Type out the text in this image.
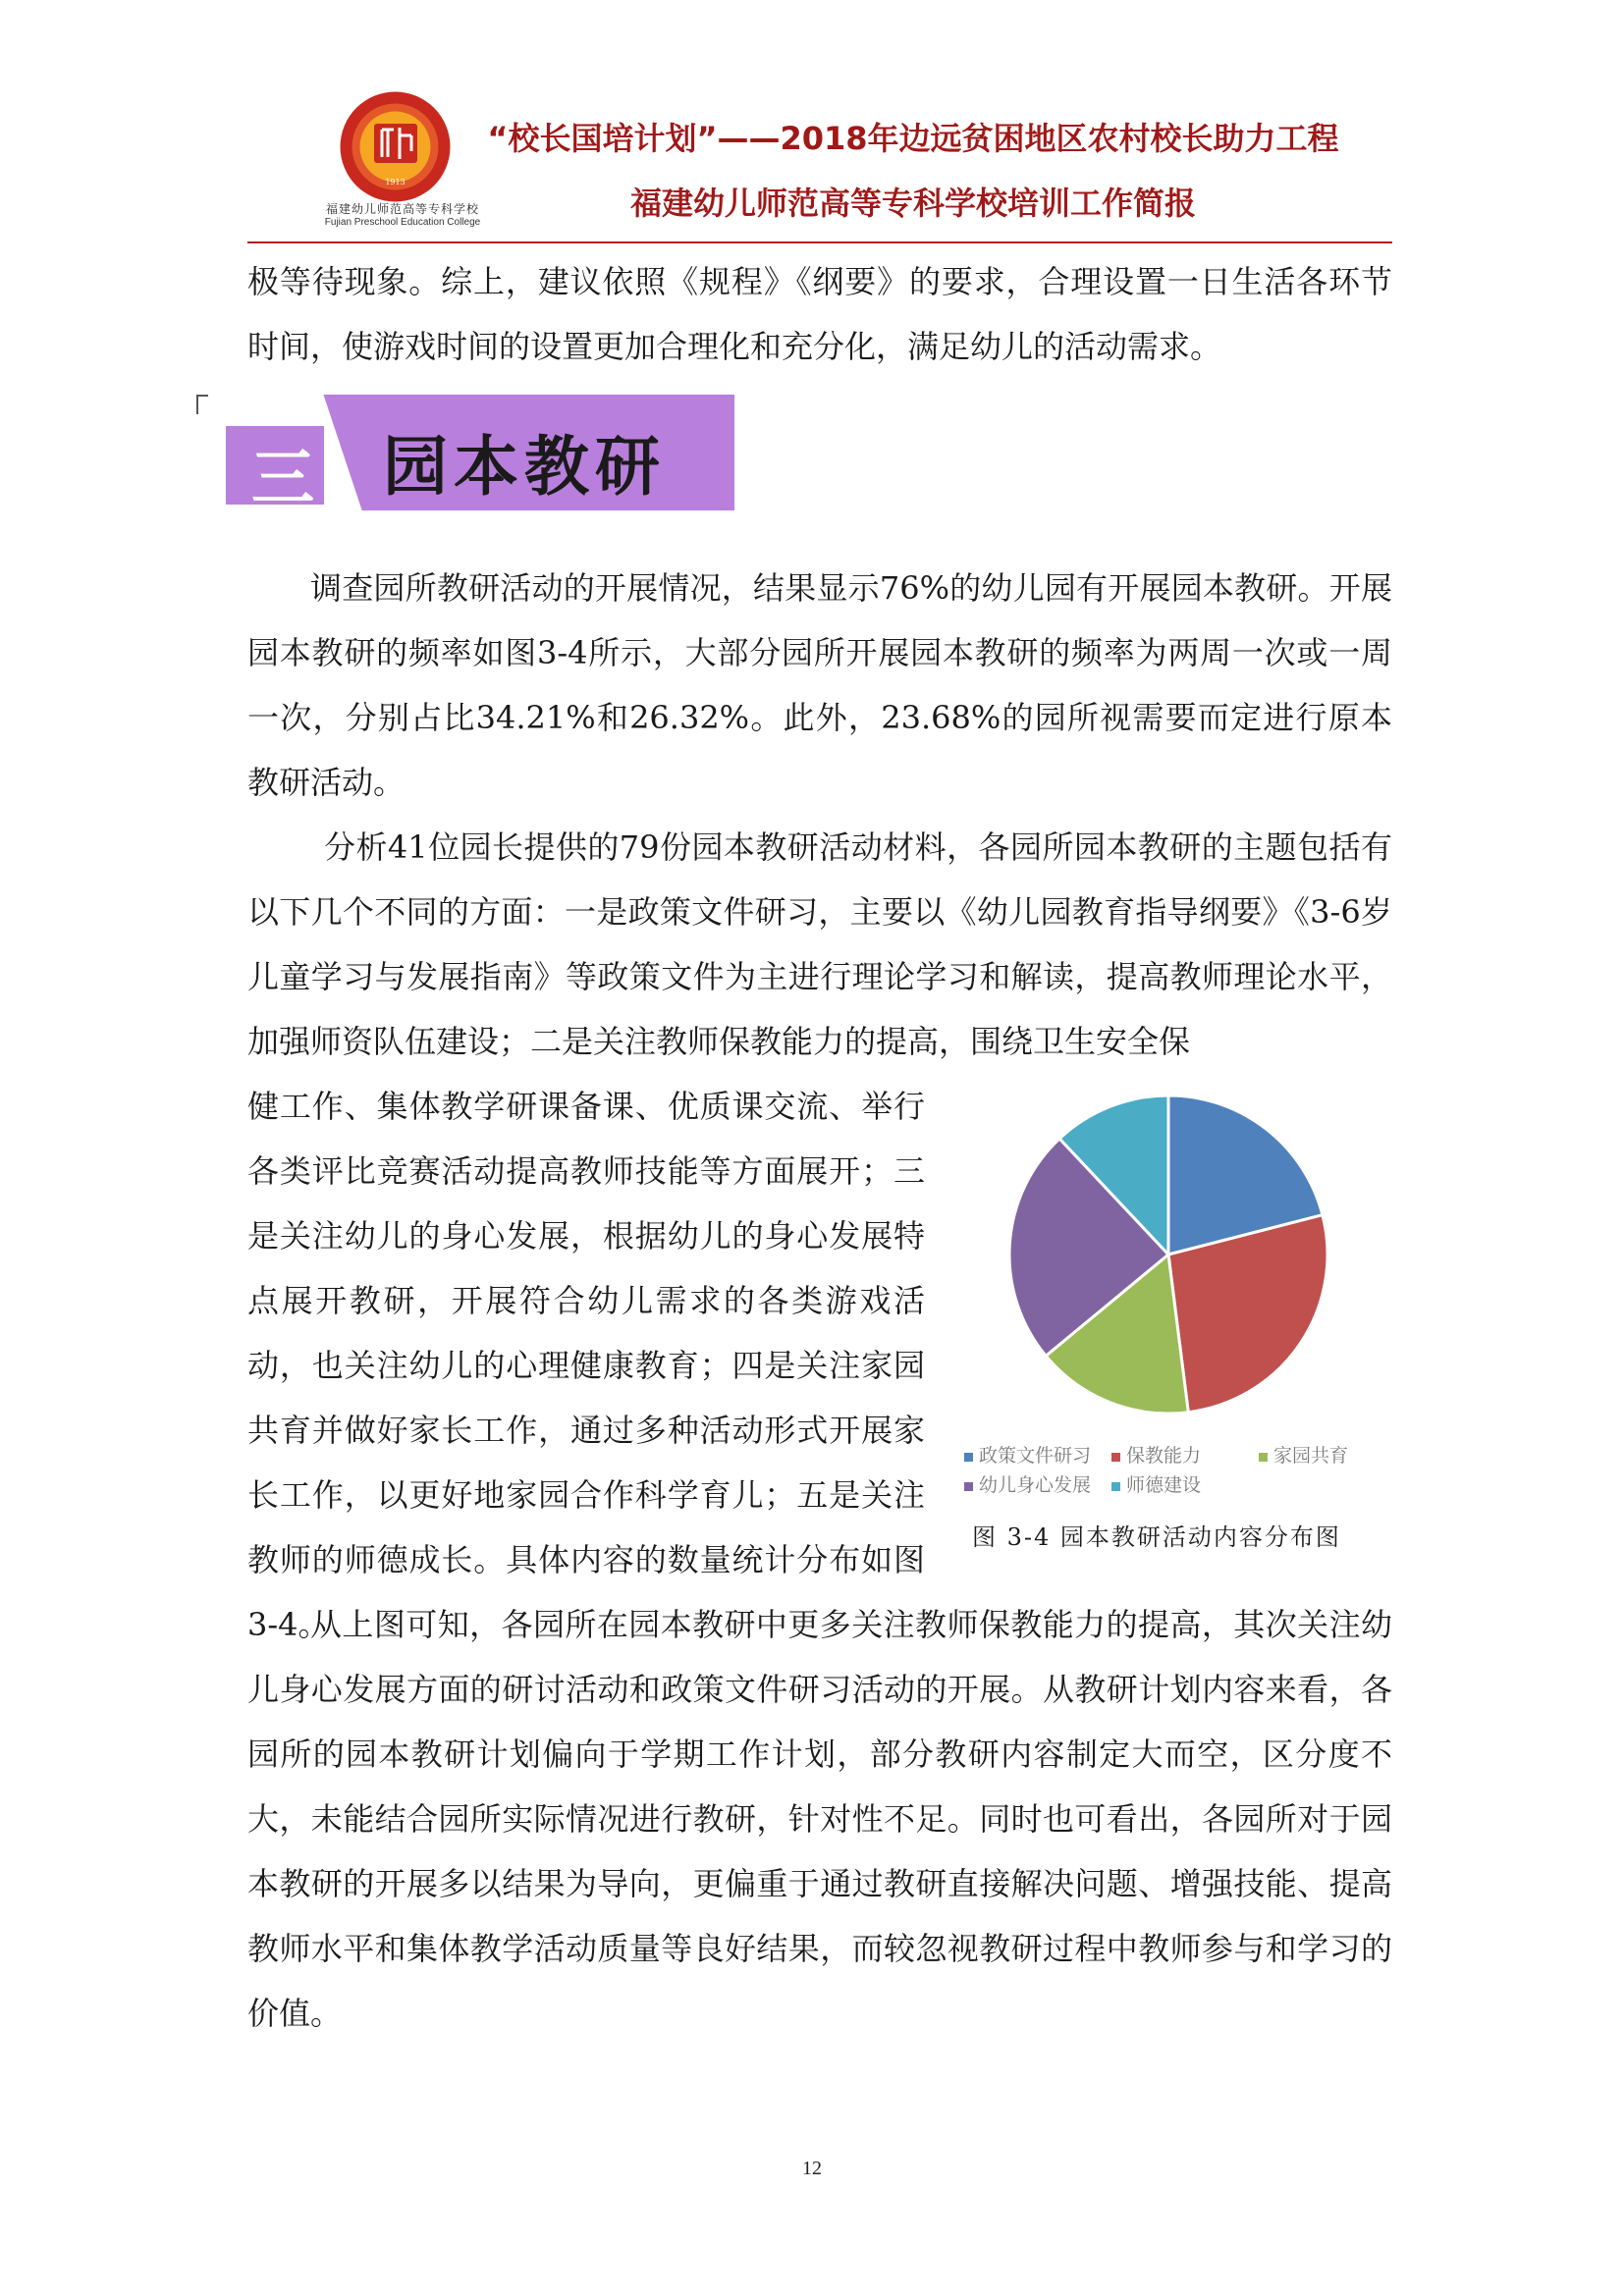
1913
福建幼儿师范高等专科学校
Fujian Preschool Education College
“校长国培计划”——2018年边远贫困地区农村校长助力工程
福建幼儿师范高等专科学校培训工作简报
极等待现象。综上，建议依照《规程》《纲要》的要求，合理设置一日生活各环节时间，使游戏时间的设置更加合理化和充分化，满足幼儿的活动需求。
三 园本教研
调查园所教研活动的开展情况，结果显示76%的幼儿园有开展园本教研。开展园本教研的频率如图3-4所示，大部分园所开展园本教研的频率为两周一次或一周一次，分别占比34.21%和26.32%。此外，23.68%的园所视需要而定进行原本教研活动。
分析41位园长提供的79份园本教研活动材料，各园所园本教研的主题包括有以下几个不同的方面：一是政策文件研习，主要以《幼儿园教育指导纲要》《3-6岁儿童学习与发展指南》等政策文件为主进行理论学习和解读，提高教师理论水平，加强师资队伍建设；二是关注教师保教能力的提高，围绕卫生安全保
健工作、集体教学研课备课、优质课交流、举行各类评比竞赛活动提高教师技能等方面展开；三是关注幼儿的身心发展，根据幼儿的身心发展特点展开教研，开展符合幼儿需求的各类游戏活动，也关注幼儿的心理健康教育；四是关注家园共育并做好家长工作，通过多种活动形式开展家长工作，以更好地家园合作科学育儿；五是关注教师的师德成长。具体内容的数量统计分布如图3-4。
政策文件研习	保教能力	家园共育
幼儿身心发展	师德建设
图 3-4 园本教研活动内容分布图
从上图可知，各园所在园本教研中更多关注教师保教能力的提高，其次关注幼儿身心发展方面的研讨活动和政策文件研习活动的开展。从教研计划内容来看，各园所的园本教研计划偏向于学期工作计划，部分教研内容制定大而空，区分度不大，未能结合园所实际情况进行教研，针对性不足。同时也可看出，各园所对于园本教研的开展多以结果为导向，更偏重于通过教研直接解决问题、增强技能、提高教师水平和集体教学活动质量等良好结果，而较忽视教研过程中教师参与和学习的价值。
12
